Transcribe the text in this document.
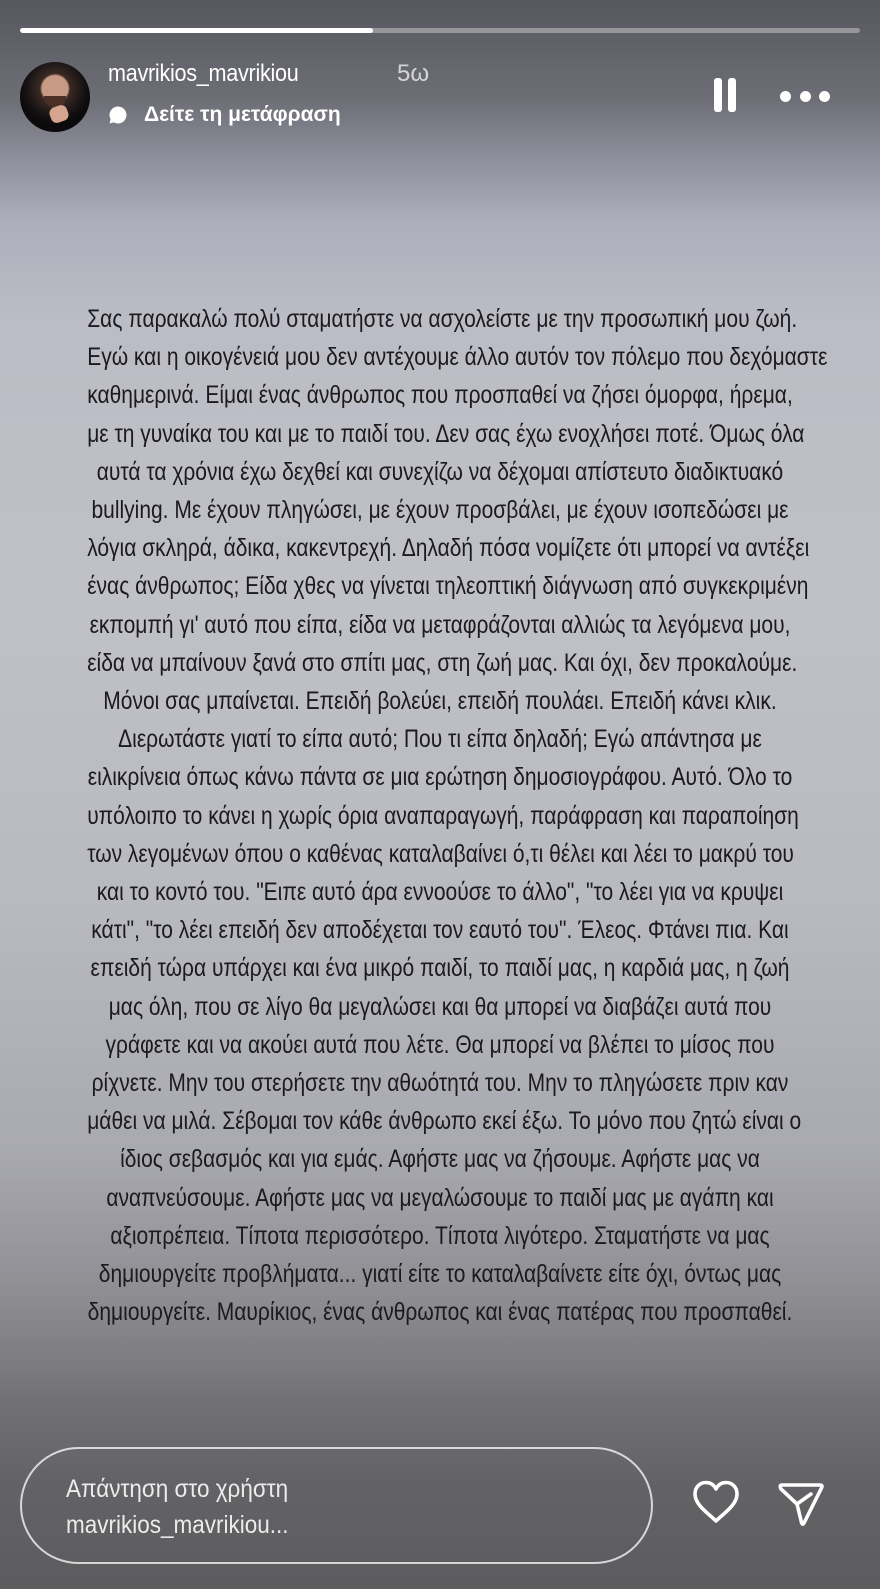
mavrikios_mavrikiou	5ω
Δείτε τη μετάφραση
Σας παρακαλώ πολύ σταματήστε να ασχολείστε με την προσωπική μου ζωή.
Εγώ και η οικογένειά μου δεν αντέχουμε άλλο αυτόν τον πόλεμο που δεχόμαστε
καθημερινά. Είμαι ένας άνθρωπος που προσπαθεί να ζήσει όμορφα, ήρεμα,
με τη γυναίκα του και με το παιδί του. Δεν σας έχω ενοχλήσει ποτέ. Όμως όλα
αυτά τα χρόνια έχω δεχθεί και συνεχίζω να δέχομαι απίστευτο διαδικτυακό
bullying. Με έχουν πληγώσει, με έχουν προσβάλει, με έχουν ισοπεδώσει με
λόγια σκληρά, άδικα, κακεντρεχή. Δηλαδή πόσα νομίζετε ότι μπορεί να αντέξει
ένας άνθρωπος; Είδα χθες να γίνεται τηλεοπτική διάγνωση από συγκεκριμένη
εκπομπή γι' αυτό που είπα, είδα να μεταφράζονται αλλιώς τα λεγόμενα μου,
είδα να μπαίνουν ξανά στο σπίτι μας, στη ζωή μας. Και όχι, δεν προκαλούμε.
Μόνοι σας μπαίνεται. Επειδή βολεύει, επειδή πουλάει. Επειδή κάνει κλικ.
Διερωτάστε γιατί το είπα αυτό; Που τι είπα δηλαδή; Εγώ απάντησα με
ειλικρίνεια όπως κάνω πάντα σε μια ερώτηση δημοσιογράφου. Αυτό. Όλο το
υπόλοιπο το κάνει η χωρίς όρια αναπαραγωγή, παράφραση και παραποίηση
των λεγομένων όπου ο καθένας καταλαβαίνει ό,τι θέλει και λέει το μακρύ του
και το κοντό του. "Ειπε αυτό άρα εννοούσε το άλλο", "το λέει για να κρυψει
κάτι", "το λέει επειδή δεν αποδέχεται τον εαυτό του". Έλεος. Φτάνει πια. Και
επειδή τώρα υπάρχει και ένα μικρό παιδί, το παιδί μας, η καρδιά μας, η ζωή
μας όλη, που σε λίγο θα μεγαλώσει και θα μπορεί να διαβάζει αυτά που
γράφετε και να ακούει αυτά που λέτε. Θα μπορεί να βλέπει το μίσος που
ρίχνετε. Μην του στερήσετε την αθωότητά του. Μην το πληγώσετε πριν καν
μάθει να μιλά. Σέβομαι τον κάθε άνθρωπο εκεί έξω. Το μόνο που ζητώ είναι ο
ίδιος σεβασμός και για εμάς. Αφήστε μας να ζήσουμε. Αφήστε μας να
αναπνεύσουμε. Αφήστε μας να μεγαλώσουμε το παιδί μας με αγάπη και
αξιοπρέπεια. Τίποτα περισσότερο. Τίποτα λιγότερο. Σταματήστε να μας
δημιουργείτε προβλήματα... γιατί είτε το καταλαβαίνετε είτε όχι, όντως μας
δημιουργείτε. Μαυρίκιος, ένας άνθρωπος και ένας πατέρας που προσπαθεί.
Απάντηση στο χρήστη
mavrikios_mavrikiou...
